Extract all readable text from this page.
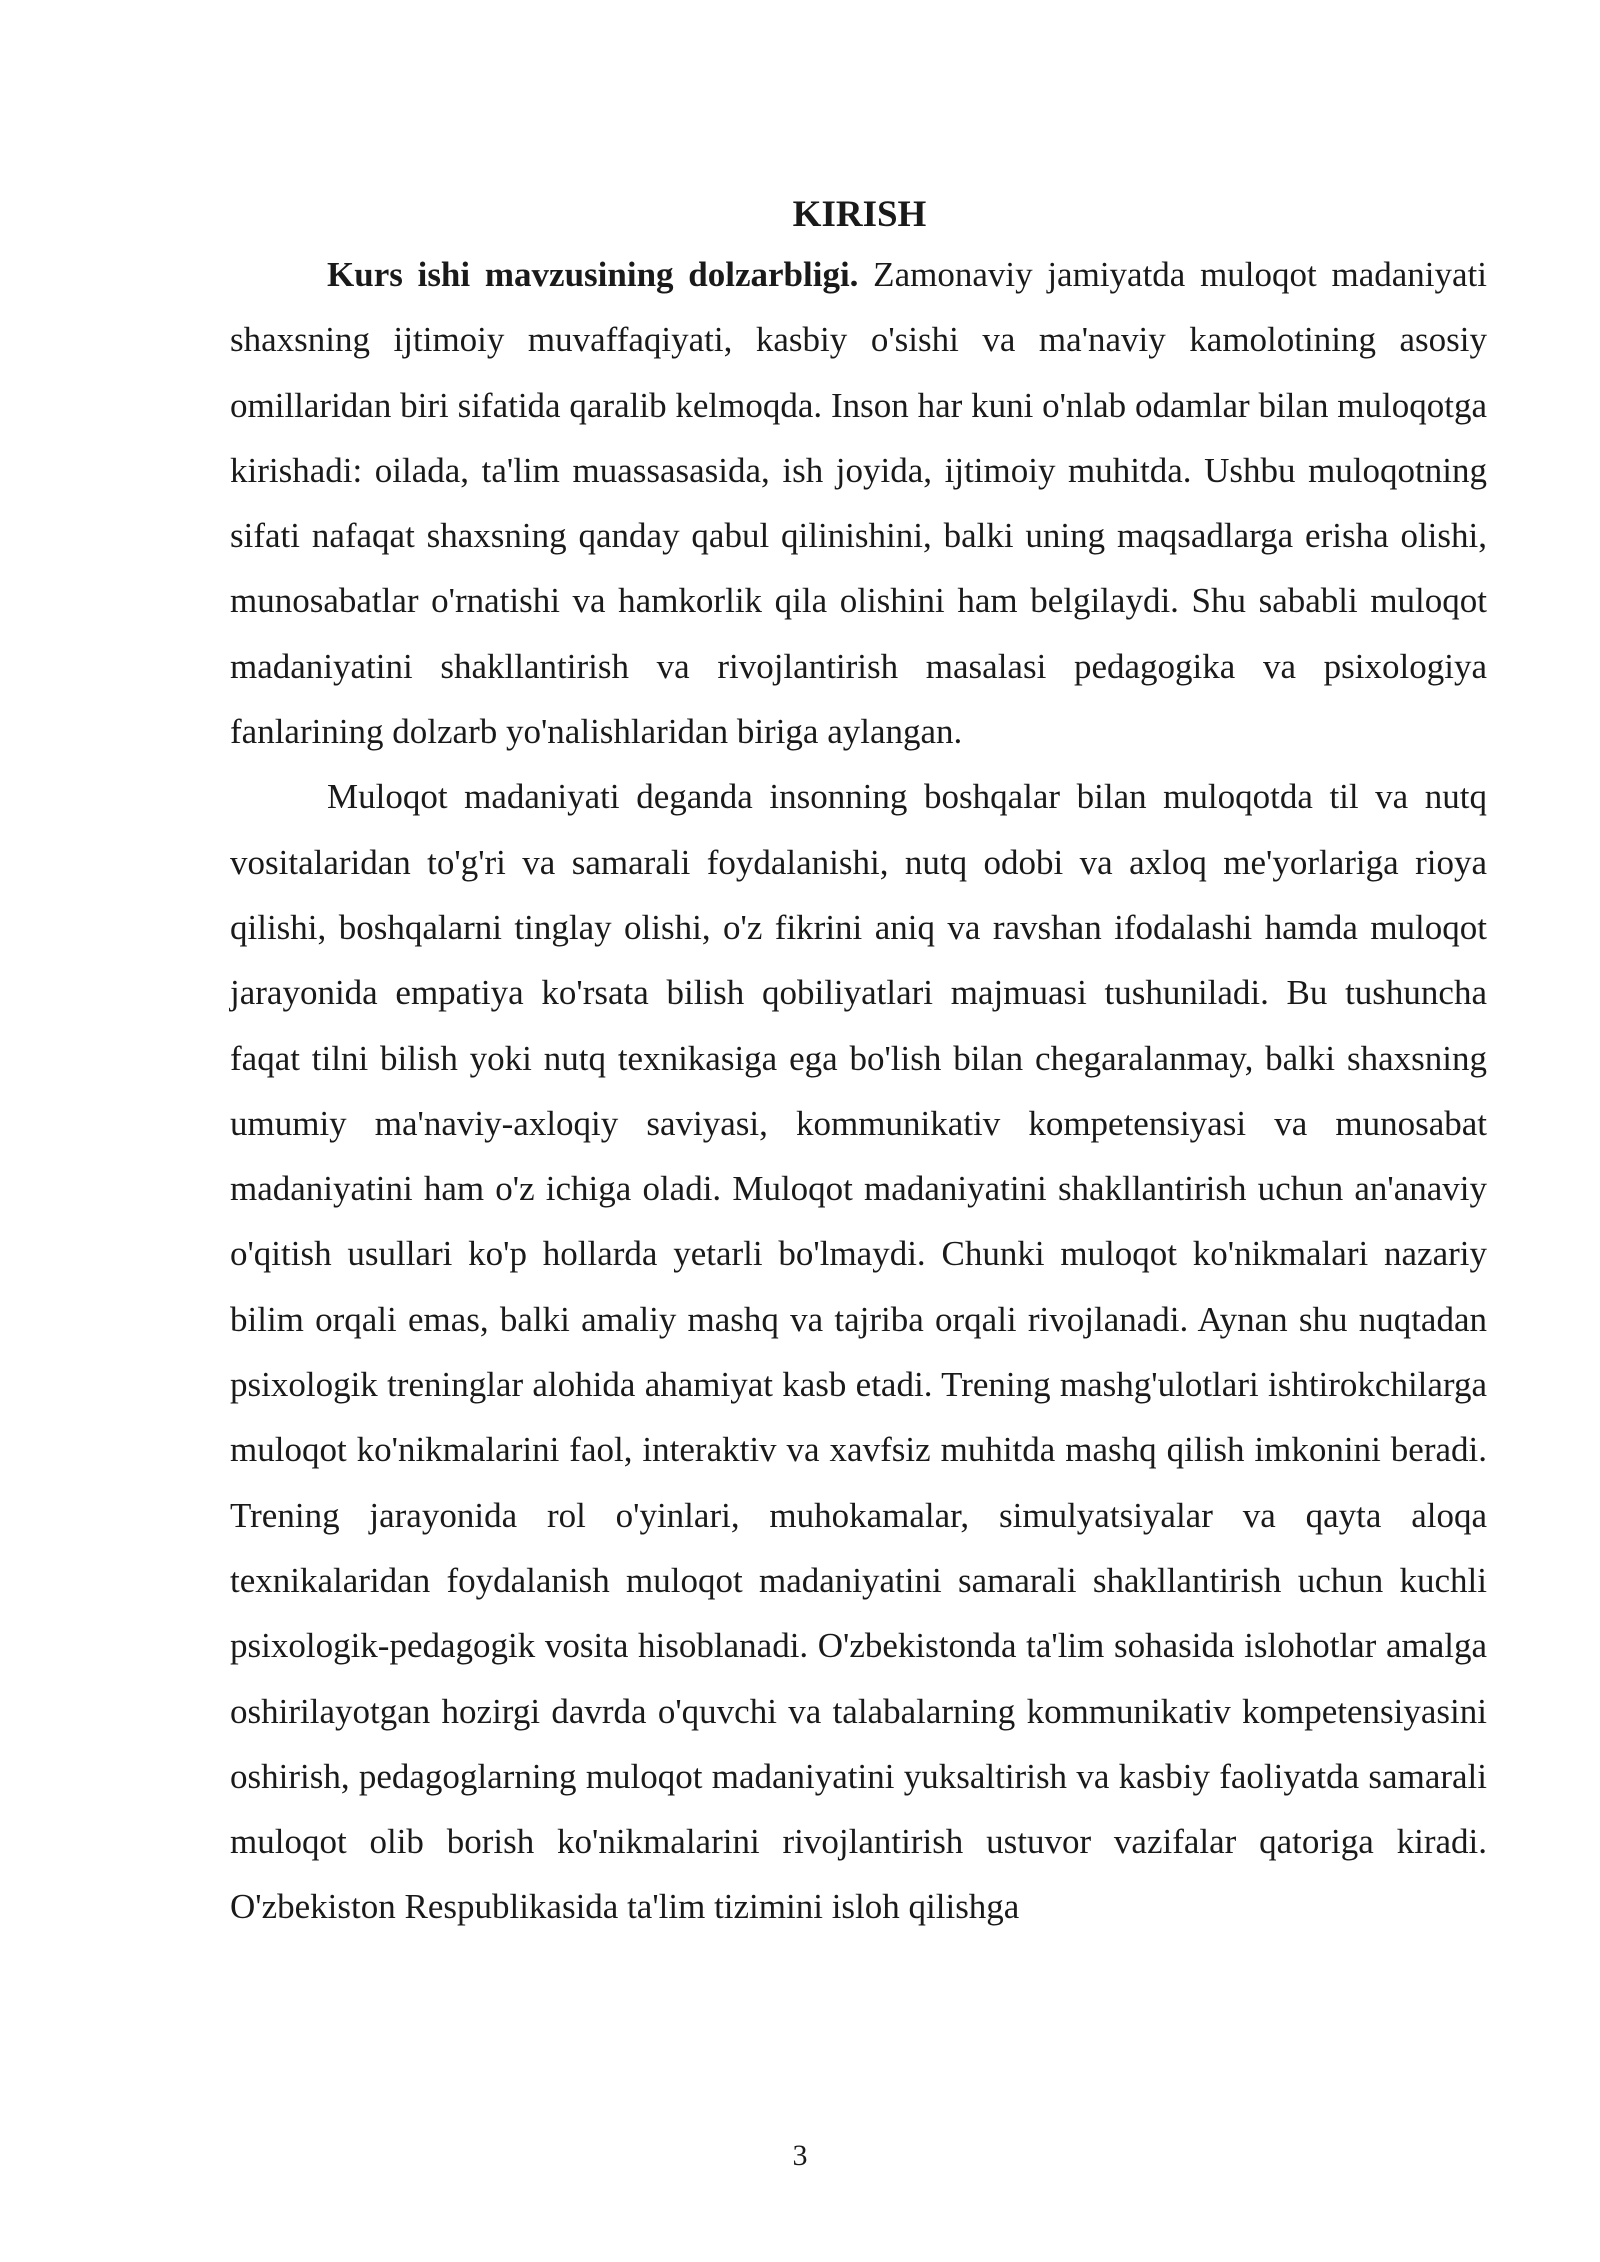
KIRISH

Kurs ishi mavzusining dolzarbligi. Zamonaviy jamiyatda muloqot madaniyati shaxsning ijtimoiy muvaffaqiyati, kasbiy o'sishi va ma'naviy kamolotining asosiy omillaridan biri sifatida qaralib kelmoqda. Inson har kuni o'nlab odamlar bilan muloqotga kirishadi: oilada, ta'lim muassasasida, ish joyida, ijtimoiy muhitda. Ushbu muloqotning sifati nafaqat shaxsning qanday qabul qilinishini, balki uning maqsadlarga erisha olishi, munosabatlar o'rnatishi va hamkorlik qila olishini ham belgilaydi. Shu sababli muloqot madaniyatini shakllantirish va rivojlantirish masalasi pedagogika va psixologiya fanlarining dolzarb yo'nalishlaridan biriga aylangan.

Muloqot madaniyati deganda insonning boshqalar bilan muloqotda til va nutq vositalaridan to'g'ri va samarali foydalanishi, nutq odobi va axloq me'yorlariga rioya qilishi, boshqalarni tinglay olishi, o'z fikrini aniq va ravshan ifodalashi hamda muloqot jarayonida empatiya ko'rsata bilish qobiliyatlari majmuasi tushuniladi. Bu tushuncha faqat tilni bilish yoki nutq texnikasiga ega bo'lish bilan chegaralanmay, balki shaxsning umumiy ma'naviy-axloqiy saviyasi, kommunikativ kompetensiyasi va munosabat madaniyatini ham o'z ichiga oladi. Muloqot madaniyatini shakllantirish uchun an'anaviy o'qitish usullari ko'p hollarda yetarli bo'lmaydi. Chunki muloqot ko'nikmalari nazariy bilim orqali emas, balki amaliy mashq va tajriba orqali rivojlanadi. Aynan shu nuqtadan psixologik treninglar alohida ahamiyat kasb etadi. Trening mashg'ulotlari ishtirokchilarga muloqot ko'nikmalarini faol, interaktiv va xavfsiz muhitda mashq qilish imkonini beradi. Trening jarayonida rol o'yinlari, muhokamalar, simulyatsiyalar va qayta aloqa texnikalaridan foydalanish muloqot madaniyatini samarali shakllantirish uchun kuchli psixologik-pedagogik vosita hisoblanadi. O'zbekistonda ta'lim sohasida islohotlar amalga oshirilayotgan hozirgi davrda o'quvchi va talabalarning kommunikativ kompetensiyasini oshirish, pedagoglarning muloqot madaniyatini yuksaltirish va kasbiy faoliyatda samarali muloqot olib borish ko'nikmalarini rivojlantirish ustuvor vazifalar qatoriga kiradi. O'zbekiston Respublikasida ta'lim tizimini isloh qilishga

3
